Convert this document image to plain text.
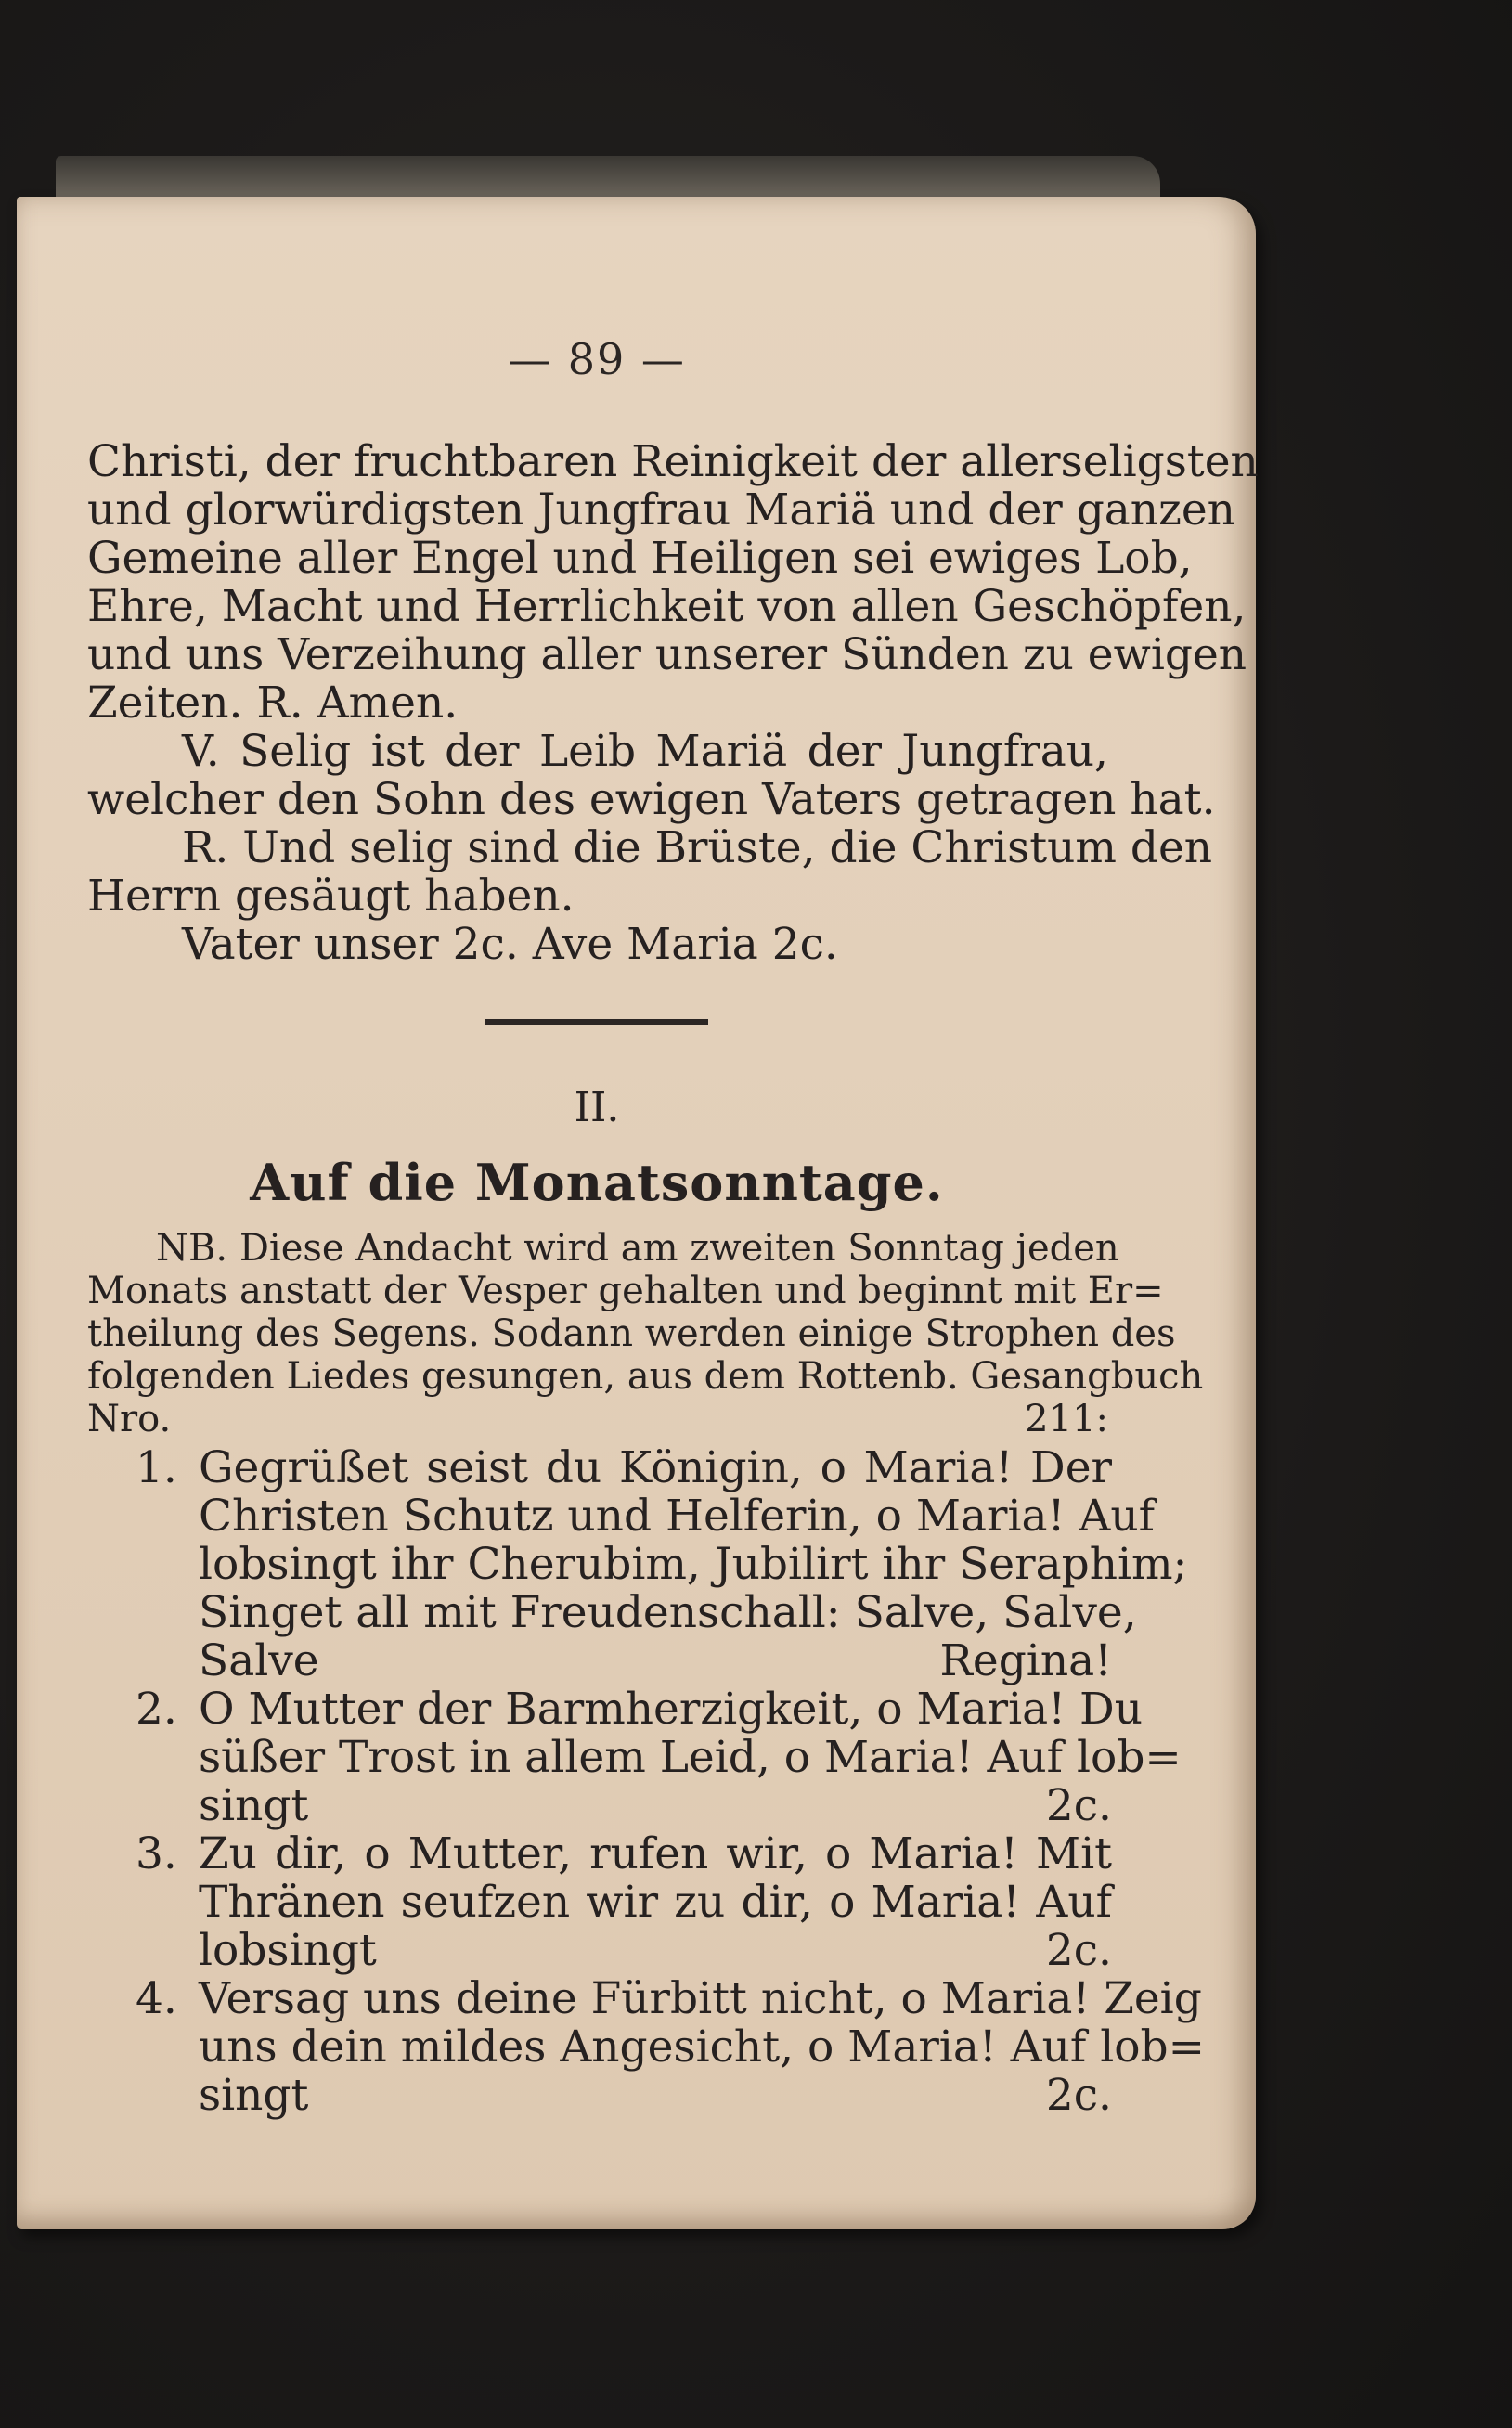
— 89 —
Christi, der fruchtbaren Reinigkeit der allerseligsten
und glorwürdigsten Jungfrau Mariä und der ganzen
Gemeine aller Engel und Heiligen sei ewiges Lob,
Ehre, Macht und Herrlichkeit von allen Geschöpfen,
und uns Verzeihung aller unserer Sünden zu ewigen
Zeiten. R. Amen.
V. Selig ist der Leib Mariä der Jungfrau,
welcher den Sohn des ewigen Vaters getragen hat.
R. Und selig sind die Brüste, die Christum den
Herrn gesäugt haben.
Vater unser 2c. Ave Maria 2c.
II.
Auf die Monatsonntage.
NB. Diese Andacht wird am zweiten Sonntag jeden
Monats anstatt der Vesper gehalten und beginnt mit Er=
theilung des Segens. Sodann werden einige Strophen des
folgenden Liedes gesungen, aus dem Rottenb. Gesangbuch
Nro. 211:
1. Gegrüßet seist du Königin, o Maria! Der
Christen Schutz und Helferin, o Maria! Auf
lobsingt ihr Cherubim, Jubilirt ihr Seraphim;
Singet all mit Freudenschall: Salve, Salve,
Salve Regina!
2. O Mutter der Barmherzigkeit, o Maria! Du
süßer Trost in allem Leid, o Maria! Auf lob=
singt 2c.
3. Zu dir, o Mutter, rufen wir, o Maria! Mit
Thränen seufzen wir zu dir, o Maria! Auf
lobsingt 2c.
4. Versag uns deine Fürbitt nicht, o Maria! Zeig
uns dein mildes Angesicht, o Maria! Auf lob=
singt 2c.
